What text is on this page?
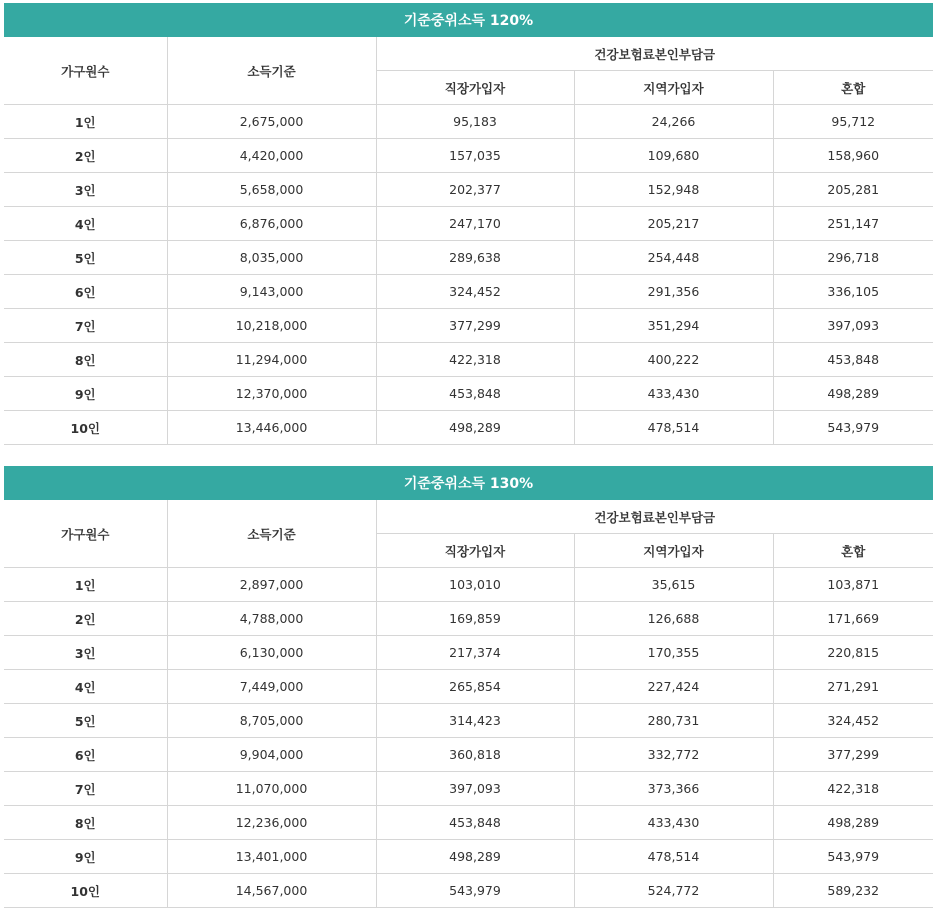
기준중위소득 120%
가구원수	소득기준	건강보험료본인부담금		
		직장가입자	지역가입자	혼합
1인	2,675,000	95,183	24,266	95,712
2인	4,420,000	157,035	109,680	158,960
3인	5,658,000	202,377	152,948	205,281
4인	6,876,000	247,170	205,217	251,147
5인	8,035,000	289,638	254,448	296,718
6인	9,143,000	324,452	291,356	336,105
7인	10,218,000	377,299	351,294	397,093
8인	11,294,000	422,318	400,222	453,848
9인	12,370,000	453,848	433,430	498,289
10인	13,446,000	498,289	478,514	543,979
기준중위소득 130%
가구원수	소득기준	건강보험료본인부담금		
		직장가입자	지역가입자	혼합
1인	2,897,000	103,010	35,615	103,871
2인	4,788,000	169,859	126,688	171,669
3인	6,130,000	217,374	170,355	220,815
4인	7,449,000	265,854	227,424	271,291
5인	8,705,000	314,423	280,731	324,452
6인	9,904,000	360,818	332,772	377,299
7인	11,070,000	397,093	373,366	422,318
8인	12,236,000	453,848	433,430	498,289
9인	13,401,000	498,289	478,514	543,979
10인	14,567,000	543,979	524,772	589,232
